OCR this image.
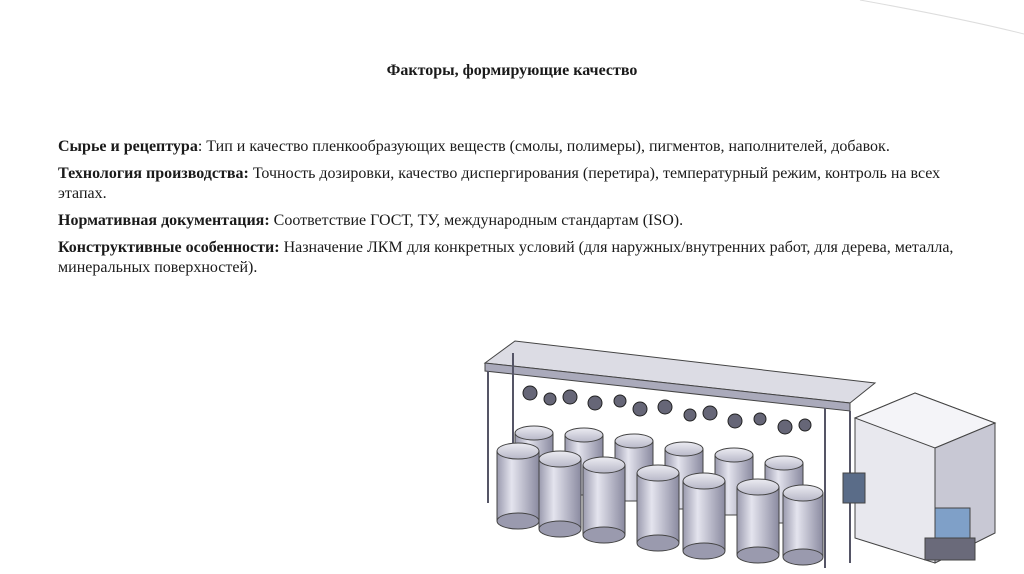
Факторы, формирующие качество

Сырье и рецептура: Тип и качество пленкообразующих веществ (смолы, полимеры), пигментов, наполнителей, добавок.

Технология производства: Точность дозировки, качество диспергирования (перетира), температурный режим, контроль на всех этапах.

Нормативная документация: Соответствие ГОСТ, ТУ, международным стандартам (ISO).

Конструктивные особенности: Назначение ЛКМ для конкретных условий (для наружных/внутренних работ, для дерева, металла, минеральных поверхностей).
